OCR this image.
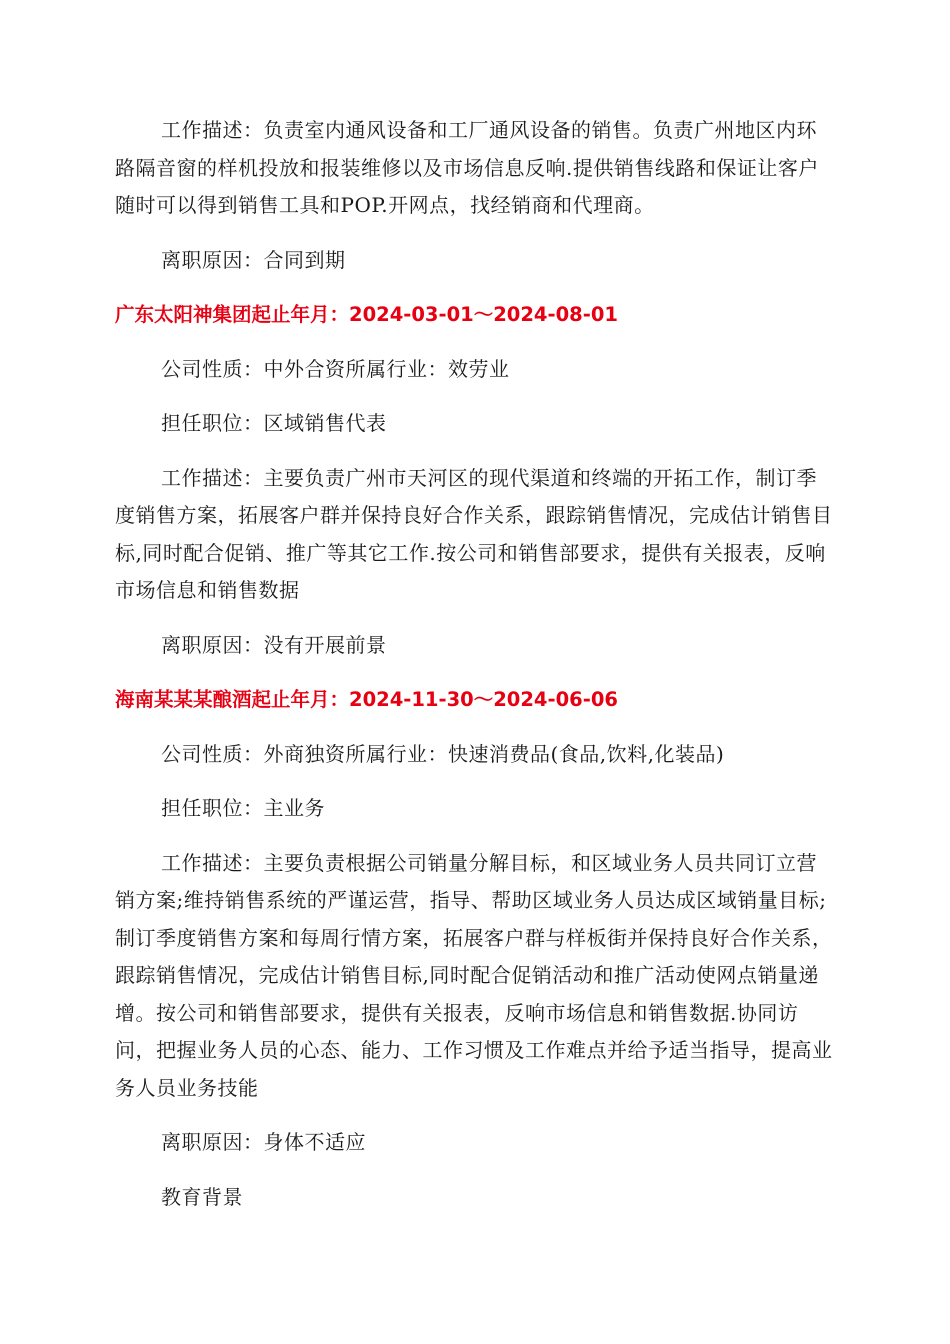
工作描述：负责室内通风设备和工厂通风设备的销售。负责广州地区内环路隔音窗的样机投放和报装维修以及市场信息反响.提供销售线路和保证让客户随时可以得到销售工具和POP.开网点，找经销商和代理商。

离职原因：合同到期

广东太阳神集团起止年月：2024-03-01～2024-08-01

公司性质：中外合资所属行业：效劳业

担任职位：区域销售代表

工作描述：主要负责广州市天河区的现代渠道和终端的开拓工作，制订季度销售方案，拓展客户群并保持良好合作关系，跟踪销售情况，完成估计销售目标,同时配合促销、推广等其它工作.按公司和销售部要求，提供有关报表，反响市场信息和销售数据

离职原因：没有开展前景

海南某某某酿酒起止年月：2024-11-30～2024-06-06

公司性质：外商独资所属行业：快速消费品(食品,饮料,化装品)

担任职位：主业务

工作描述：主要负责根据公司销量分解目标，和区域业务人员共同订立营销方案;维持销售系统的严谨运营，指导、帮助区域业务人员达成区域销量目标;制订季度销售方案和每周行情方案，拓展客户群与样板街并保持良好合作关系，跟踪销售情况，完成估计销售目标,同时配合促销活动和推广活动使网点销量递增。按公司和销售部要求，提供有关报表，反响市场信息和销售数据.协同访问，把握业务人员的心态、能力、工作习惯及工作难点并给予适当指导，提高业务人员业务技能

离职原因：身体不适应

教育背景
